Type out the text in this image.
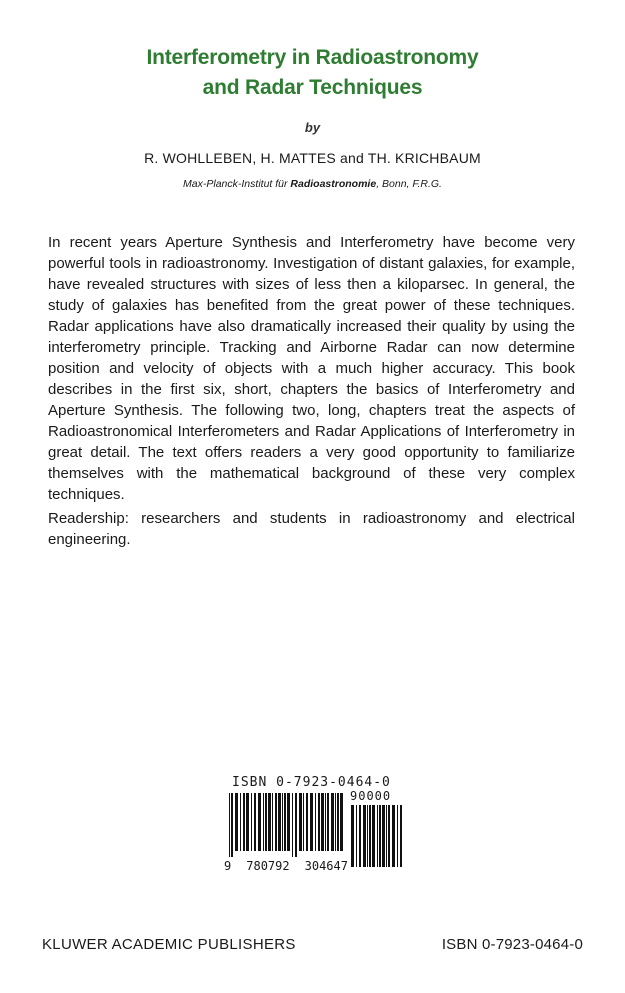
Interferometry in Radioastronomy
and Radar Techniques
by
R. WOHLLEBEN, H. MATTES and TH. KRICHBAUM
Max-Planck-Institut für Radioastronomie, Bonn, F.R.G.

In recent years Aperture Synthesis and Interferometry have become very powerful tools in radioastronomy. Investigation of distant galaxies, for example, have revealed structures with sizes of less then a kiloparsec. In general, the study of galaxies has benefited from the great power of these techniques. Radar applications have also dramatically increased their quality by using the interferometry principle. Tracking and Airborne Radar can now determine position and velocity of objects with a much higher accuracy. This book describes in the first six, short, chapters the basics of Interferometry and Aperture Synthesis. The following two, long, chapters treat the aspects of Radioastronomical Interferometers and Radar Applications of Interferometry in great detail. The text offers readers a very good opportunity to familiarize themselves with the mathematical background of these very complex techniques.

Readership: researchers and students in radioastronomy and electrical engineering.

ISBN 0-7923-0464-0
90000
9 780792 304647
KLUWER ACADEMIC PUBLISHERS	ISBN 0-7923-0464-0
